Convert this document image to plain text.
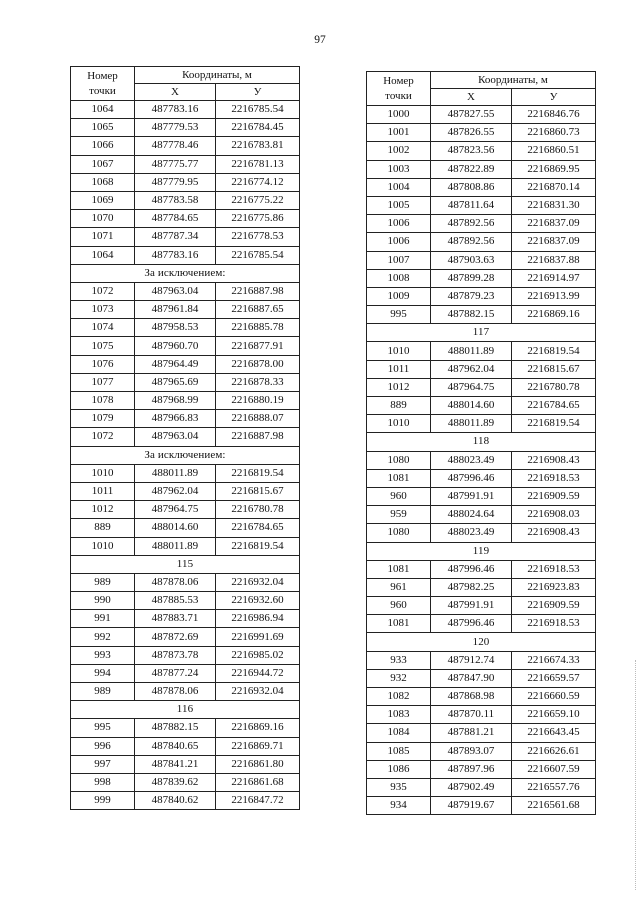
97
Номер
точки	Координаты, м	
	X	У
1064	487783.16	2216785.54
1065	487779.53	2216784.45
1066	487778.46	2216783.81
1067	487775.77	2216781.13
1068	487779.95	2216774.12
1069	487783.58	2216775.22
1070	487784.65	2216775.86
1071	487787.34	2216778.53
1064	487783.16	2216785.54
За исключением:		
1072	487963.04	2216887.98
1073	487961.84	2216887.65
1074	487958.53	2216885.78
1075	487960.70	2216877.91
1076	487964.49	2216878.00
1077	487965.69	2216878.33
1078	487968.99	2216880.19
1079	487966.83	2216888.07
1072	487963.04	2216887.98
За исключением:		
1010	488011.89	2216819.54
1011	487962.04	2216815.67
1012	487964.75	2216780.78
889	488014.60	2216784.65
1010	488011.89	2216819.54
115		
989	487878.06	2216932.04
990	487885.53	2216932.60
991	487883.71	2216986.94
992	487872.69	2216991.69
993	487873.78	2216985.02
994	487877.24	2216944.72
989	487878.06	2216932.04
116		
995	487882.15	2216869.16
996	487840.65	2216869.71
997	487841.21	2216861.80
998	487839.62	2216861.68
999	487840.62	2216847.72
Номер
точки	Координаты, м	
	X	У
1000	487827.55	2216846.76
1001	487826.55	2216860.73
1002	487823.56	2216860.51
1003	487822.89	2216869.95
1004	487808.86	2216870.14
1005	487811.64	2216831.30
1006	487892.56	2216837.09
1006	487892.56	2216837.09
1007	487903.63	2216837.88
1008	487899.28	2216914.97
1009	487879.23	2216913.99
995	487882.15	2216869.16
117		
1010	488011.89	2216819.54
1011	487962.04	2216815.67
1012	487964.75	2216780.78
889	488014.60	2216784.65
1010	488011.89	2216819.54
118		
1080	488023.49	2216908.43
1081	487996.46	2216918.53
960	487991.91	2216909.59
959	488024.64	2216908.03
1080	488023.49	2216908.43
119		
1081	487996.46	2216918.53
961	487982.25	2216923.83
960	487991.91	2216909.59
1081	487996.46	2216918.53
120		
933	487912.74	2216674.33
932	487847.90	2216659.57
1082	487868.98	2216660.59
1083	487870.11	2216659.10
1084	487881.21	2216643.45
1085	487893.07	2216626.61
1086	487897.96	2216607.59
935	487902.49	2216557.76
934	487919.67	2216561.68
